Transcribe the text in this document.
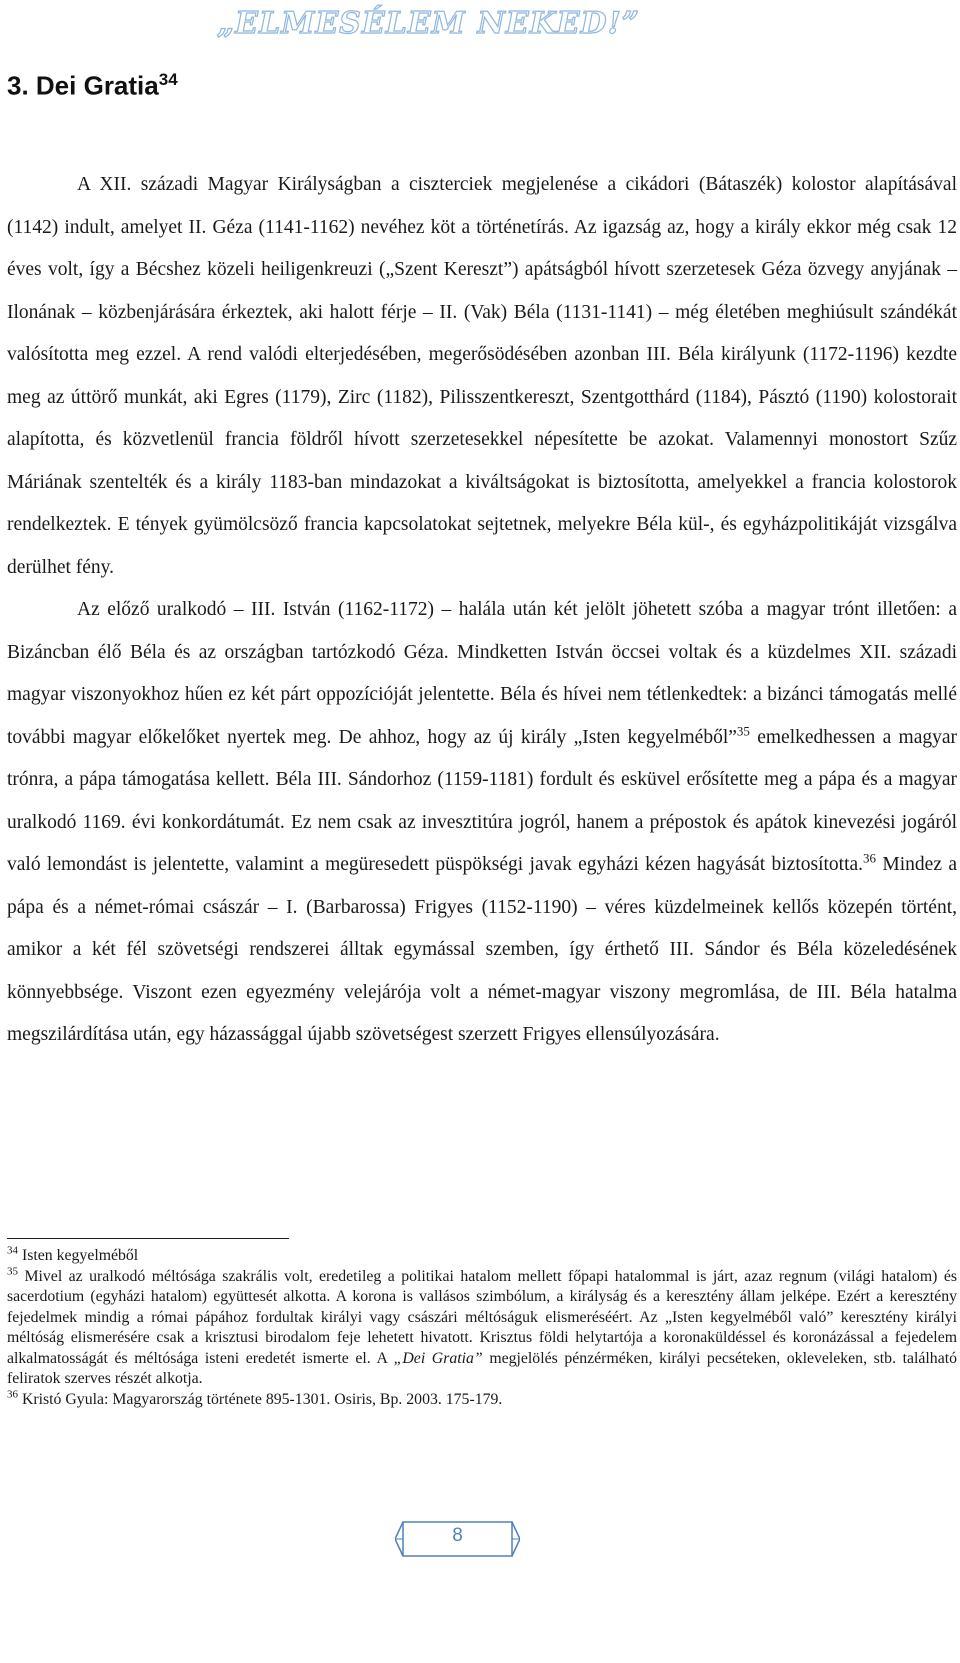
„ELMESÉLEM NEKED!”
3. Dei Gratia$^{34}$

A XII. századi Magyar Királyságban a ciszterciek megjelenése a cikádori (Bátaszék) kolostor alapításával (1142) indult, amelyet II. Géza (1141-1162) nevéhez köt a történetírás. Az igazság az, hogy a király ekkor még csak 12 éves volt, így a Bécshez közeli heiligenkreuzi („Szent Kereszt”) apátságból hívott szerzetesek Géza özvegy anyjának – Ilonának – közbenjárására érkeztek, aki halott férje – II. (Vak) Béla (1131-1141) – még életében meghiúsult szándékát valósította meg ezzel. A rend valódi elterjedésében, megerősödésében azonban III. Béla királyunk (1172-1196) kezdte meg az úttörő munkát, aki Egres (1179), Zirc (1182), Pilisszentkereszt, Szentgotthárd (1184), Pásztó (1190) kolostorait alapította, és közvetlenül francia földről hívott szerzetesekkel népesítette be azokat. Valamennyi monostort Szűz Máriának szentelték és a király 1183-ban mindazokat a kiváltságokat is biztosította, amelyekkel a francia kolostorok rendelkeztek. E tények gyümölcsöző francia kapcsolatokat sejtetnek, melyekre Béla kül-, és egyházpolitikáját vizsgálva derülhet fény.

Az előző uralkodó – III. István (1162-1172) – halála után két jelölt jöhetett szóba a magyar trónt illetően: a Bizáncban élő Béla és az országban tartózkodó Géza. Mindketten István öccsei voltak és a küzdelmes XII. századi magyar viszonyokhoz hűen ez két párt oppozícióját jelentette. Béla és hívei nem tétlenkedtek: a bizánci támogatás mellé további magyar előkelőket nyertek meg. De ahhoz, hogy az új király „Isten kegyelméből”$^{35}$ emelkedhessen a magyar trónra, a pápa támogatása kellett. Béla III. Sándorhoz (1159-1181) fordult és esküvel erősítette meg a pápa és a magyar uralkodó 1169. évi konkordátumát. Ez nem csak az invesztitúra jogról, hanem a prépostok és apátok kinevezési jogáról való lemondást is jelentette, valamint a megüresedett püspökségi javak egyházi kézen hagyását biztosította.$^{36}$ Mindez a pápa és a német-római császár – I. (Barbarossa) Frigyes (1152-1190) – véres küzdelmeinek kellős közepén történt, amikor a két fél szövetségi rendszerei álltak egymással szemben, így érthető III. Sándor és Béla közeledésének könnyebbsége. Viszont ezen egyezmény velejárója volt a német-magyar viszony megromlása, de III. Béla hatalma megszilárdítása után, egy házassággal újabb szövetségest szerzett Frigyes ellensúlyozására.

$^{34}$ Isten kegyelméből

$^{35}$ Mivel az uralkodó méltósága szakrális volt, eredetileg a politikai hatalom mellett főpapi hatalommal is járt, azaz regnum (világi hatalom) és sacerdotium (egyházi hatalom) együttesét alkotta. A korona is vallásos szimbólum, a királyság és a keresztény állam jelképe. Ezért a keresztény fejedelmek mindig a római pápához fordultak királyi vagy császári méltóságuk elismeréséért. Az „Isten kegyelméből való” keresztény királyi méltóság elismerésére csak a krisztusi birodalom feje lehetett hivatott. Krisztus földi helytartója a koronaküldéssel és koronázással a fejedelem alkalmatosságát és méltósága isteni eredetét ismerte el. A „Dei Gratia” megjelölés pénzérméken, királyi pecséteken, okleveleken, stb. található feliratok szerves részét alkotja.

$^{36}$ Kristó Gyula: Magyarország története 895-1301. Osiris, Bp. 2003. 175-179.

8
